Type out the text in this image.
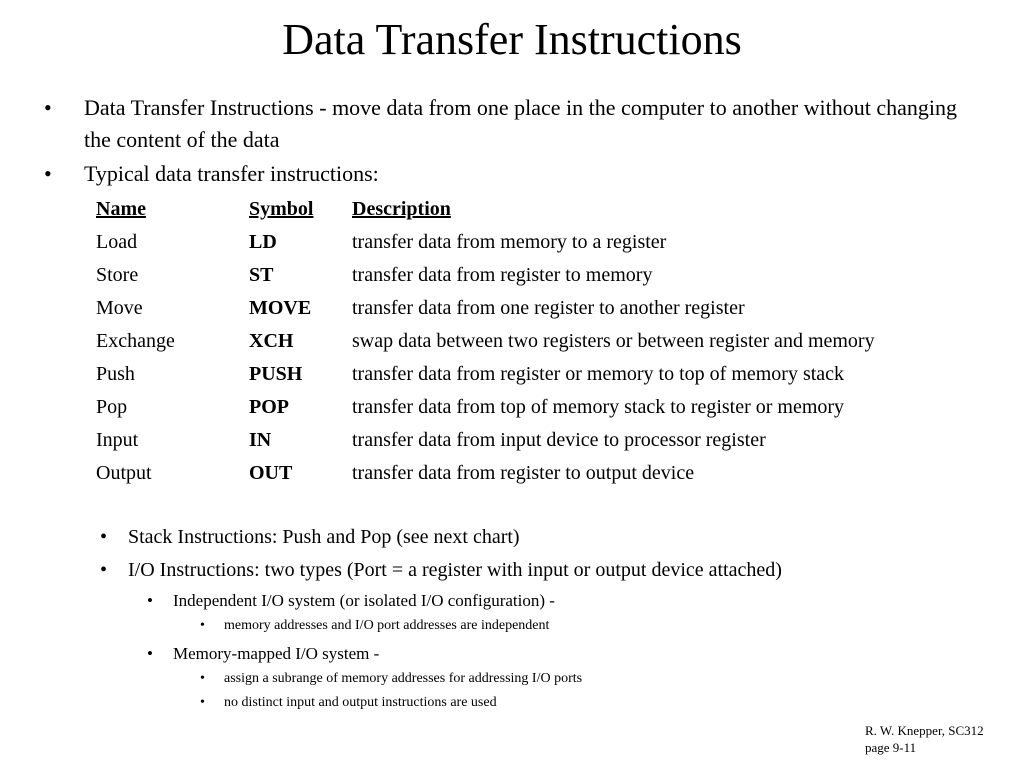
Data Transfer Instructions
• Data Transfer Instructions - move data from one place in the computer to another without changing the content of the data
• Typical data transfer instructions:
Name	Symbol Description
Load	LD	transfer data from memory to a register
Store	ST	transfer data from register to memory
Move	MOVE transfer data from one register to another register
Exchange	XCH	swap data between two registers or between register and memory
Push	PUSH transfer data from register or memory to top of memory stack
Pop	POP	transfer data from top of memory stack to register or memory
Input	IN	transfer data from input device to processor register
Output	OUT	transfer data from register to output device
• Stack Instructions: Push and Pop (see next chart)
• I/O Instructions: two types (Port = a register with input or output device attached)
• Independent I/O system (or isolated I/O configuration) -
• memory addresses and I/O port addresses are independent
• Memory-mapped I/O system -
• assign a subrange of memory addresses for addressing I/O ports
• no distinct input and output instructions are used
R. W. Knepper, SC312
page 9-11
